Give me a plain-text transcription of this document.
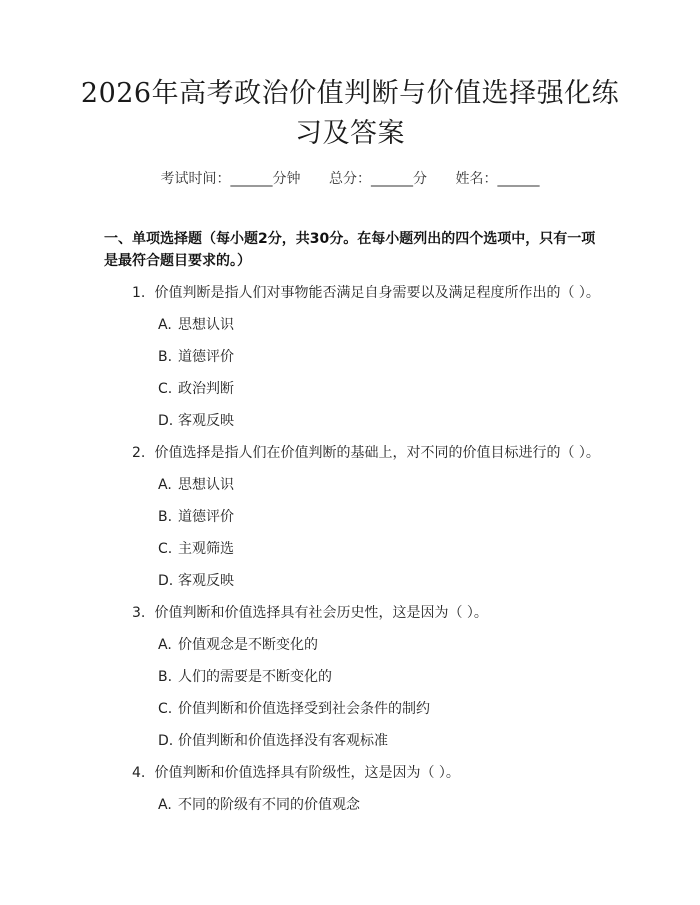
2026年高考政治价值判断与价值选择强化练
习及答案
考试时间：______分钟 总分：______分 姓名：______
一、单项选择题（每小题2分，共30分。在每小题列出的四个选项中，只有一项是最符合题目要求的。）
1. 价值判断是指人们对事物能否满足自身需要以及满足程度所作出的（ ）。
A. 思想认识
B. 道德评价
C. 政治判断
D. 客观反映
2. 价值选择是指人们在价值判断的基础上，对不同的价值目标进行的（ ）。
A. 思想认识
B. 道德评价
C. 主观筛选
D. 客观反映
3. 价值判断和价值选择具有社会历史性，这是因为（ ）。
A. 价值观念是不断变化的
B. 人们的需要是不断变化的
C. 价值判断和价值选择受到社会条件的制约
D. 价值判断和价值选择没有客观标准
4. 价值判断和价值选择具有阶级性，这是因为（ ）。
A. 不同的阶级有不同的价值观念
